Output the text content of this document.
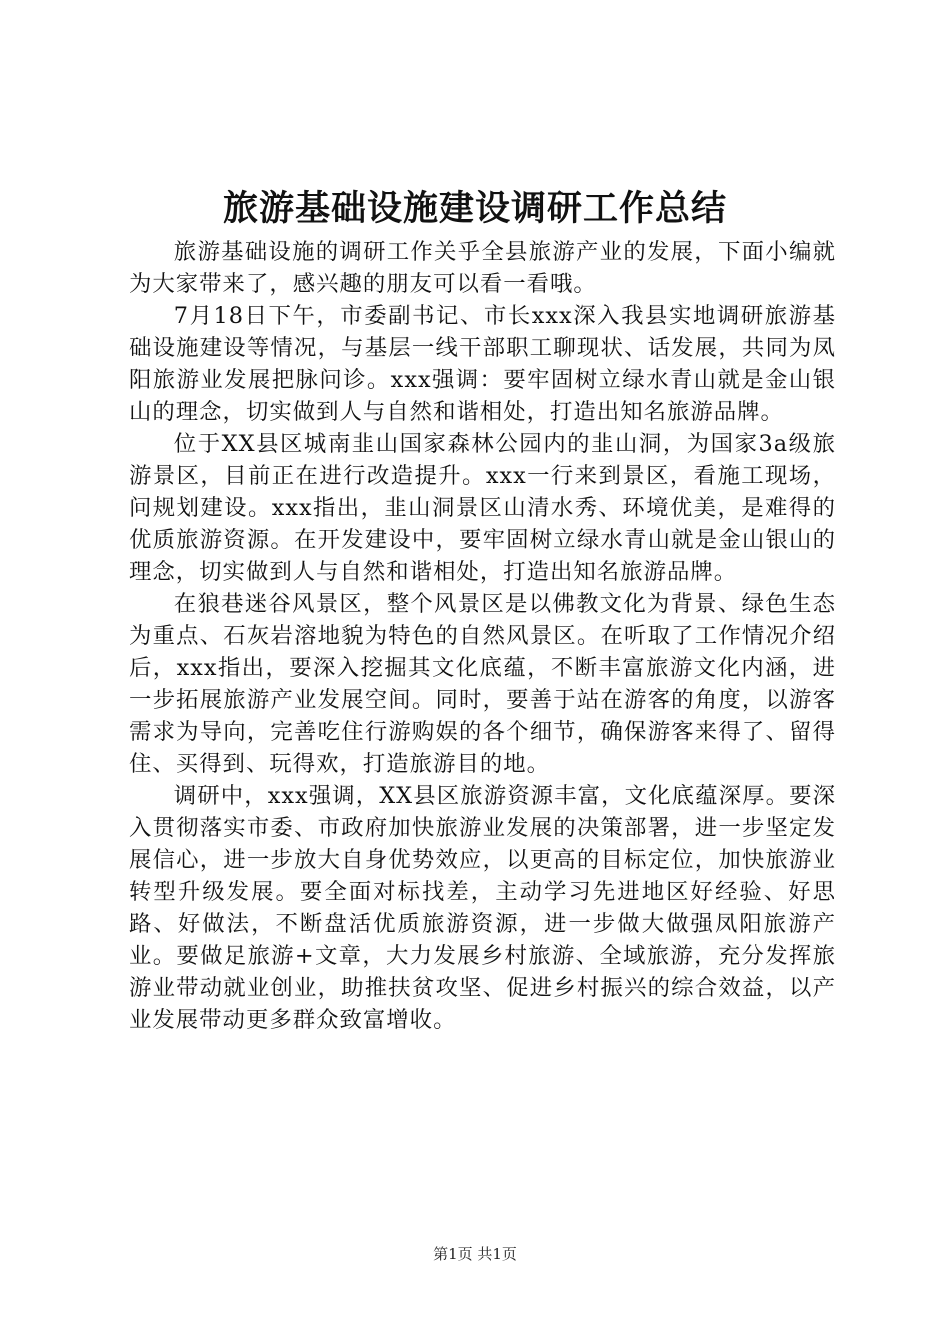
旅游基础设施建设调研工作总结

旅游基础设施的调研工作关乎全县旅游产业的发展，下面小编就为大家带来了，感兴趣的朋友可以看一看哦。

7月18日下午，市委副书记、市长xxx深入我县实地调研旅游基础设施建设等情况，与基层一线干部职工聊现状、话发展，共同为凤阳旅游业发展把脉问诊。xxx强调：要牢固树立绿水青山就是金山银山的理念，切实做到人与自然和谐相处，打造出知名旅游品牌。

位于XX县区城南韭山国家森林公园内的韭山洞，为国家3a级旅游景区，目前正在进行改造提升。xxx一行来到景区，看施工现场，问规划建设。xxx指出，韭山洞景区山清水秀、环境优美，是难得的优质旅游资源。在开发建设中，要牢固树立绿水青山就是金山银山的理念，切实做到人与自然和谐相处，打造出知名旅游品牌。

在狼巷迷谷风景区，整个风景区是以佛教文化为背景、绿色生态为重点、石灰岩溶地貌为特色的自然风景区。在听取了工作情况介绍后，xxx指出，要深入挖掘其文化底蕴，不断丰富旅游文化内涵，进一步拓展旅游产业发展空间。同时，要善于站在游客的角度，以游客需求为导向，完善吃住行游购娱的各个细节，确保游客来得了、留得住、买得到、玩得欢，打造旅游目的地。

调研中，xxx强调，XX县区旅游资源丰富，文化底蕴深厚。要深入贯彻落实市委、市政府加快旅游业发展的决策部署，进一步坚定发展信心，进一步放大自身优势效应，以更高的目标定位，加快旅游业转型升级发展。要全面对标找差，主动学习先进地区好经验、好思路、好做法，不断盘活优质旅游资源，进一步做大做强凤阳旅游产业。要做足旅游+文章，大力发展乡村旅游、全域旅游，充分发挥旅游业带动就业创业，助推扶贫攻坚、促进乡村振兴的综合效益，以产业发展带动更多群众致富增收。

第1页 共1页
